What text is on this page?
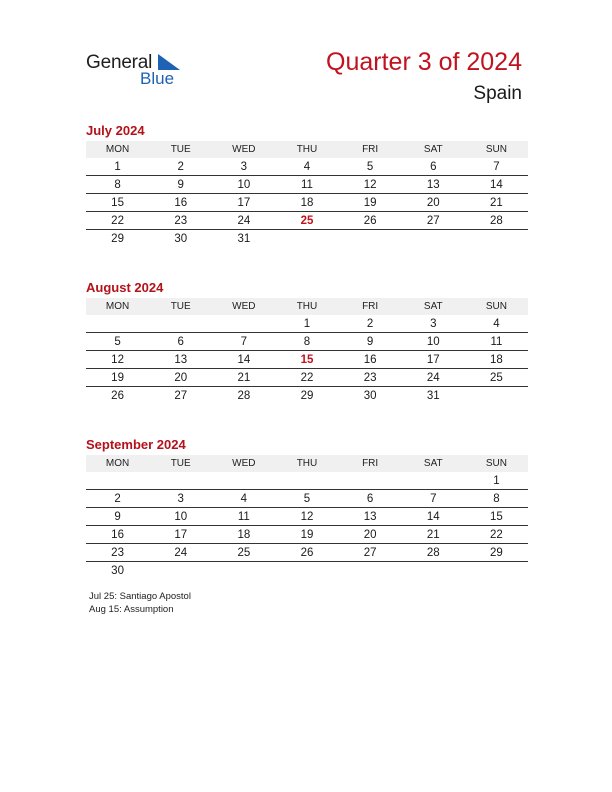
General
Blue
Quarter 3 of 2024
Spain
July 2024
MON	TUE	WED	THU	FRI	SAT	SUN
1	2	3	4	5	6	7
8	9	10	11	12	13	14
15	16	17	18	19	20	21
22	23	24	25	26	27	28
29	30	31				
August 2024
MON	TUE	WED	THU	FRI	SAT	SUN
			1	2	3	4
5	6	7	8	9	10	11
12	13	14	15	16	17	18
19	20	21	22	23	24	25
26	27	28	29	30	31	
September 2024
MON	TUE	WED	THU	FRI	SAT	SUN
						1
2	3	4	5	6	7	8
9	10	11	12	13	14	15
16	17	18	19	20	21	22
23	24	25	26	27	28	29
30						
Jul 25: Santiago Apostol
Aug 15: Assumption
